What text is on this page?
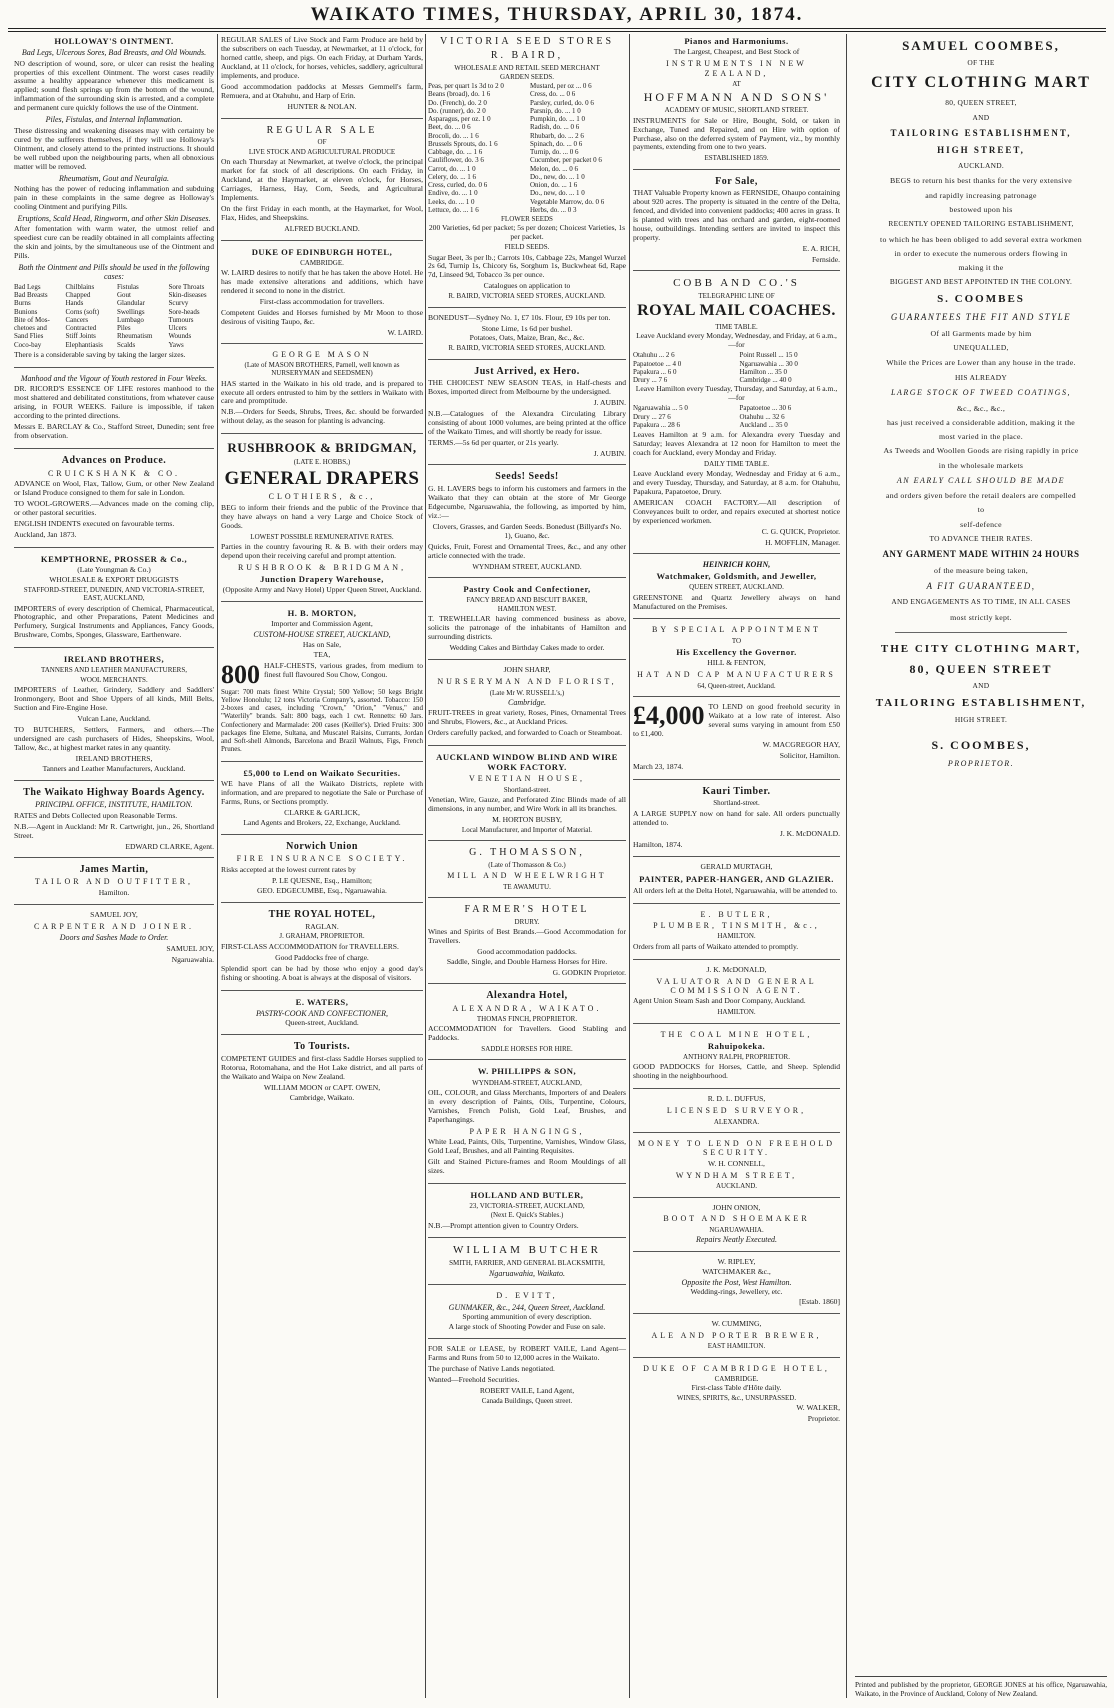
WAIKATO TIMES, THURSDAY, APRIL 30, 1874.
HOLLOWAY'S OINTMENT.
Bad Legs, Ulcerous Sores, Bad Breasts, and Old Wounds.
NO description of wound, sore, or ulcer can resist the healing properties of this excellent Ointment. The worst cases readily assume a healthy appearance whenever this medicament is applied; sound flesh springs up from the bottom of the wound, inflammation of the surrounding skin is arrested, and a complete and permanent cure quickly follows the use of the Ointment.
Piles, Fistulas, and Internal Inflammation.
These distressing and weakening diseases may with certainty be cured by the sufferers themselves, if they will use Holloway's Ointment, and closely attend to the printed instructions. It should be well rubbed upon the neighbouring parts, when all obnoxious matter will be removed.
Rheumatism, Gout and Neuralgia.
Nothing has the power of reducing inflammation and subduing pain in these complaints in the same degree as Holloway's cooling Ointment and purifying Pills.
Eruptions, Scald Head, Ringworm, and other Skin Diseases.
After fomentation with warm water, the utmost relief and speediest cure can be readily obtained in all complaints affecting the skin and joints, by the simultaneous use of the Ointment and Pills.
Both the Ointment and Pills should be used in the following cases:
Bad Legs	Chilblains	Fistulas	Sore Throats
Bad Breasts	Chapped	Gout	Skin-diseases
Burns	Hands	Glandular	Scurvy
Bunions	Corns (soft)	Swellings	Sore-heads
Bite of Mos-	Cancers	Lumbago	Tumours
chetoes and	Contracted	Piles	Ulcers
Sand Flies	Stiff Joints	Rheumatism	Wounds
Coco-bay	Elephantiasis	Scalds	Yaws
There is a considerable saving by taking the larger sizes.
Manhood and the Vigour of Youth restored in Four Weeks.
DR. RICORD'S ESSENCE OF LIFE restores manhood to the most shattered and debilitated constitutions, from whatever cause arising, in FOUR WEEKS. Failure is impossible, if taken according to the printed directions.
Messrs E. BARCLAY & Co., Stafford Street, Dunedin; sent free from observation.
Advances on Produce.
CRUICKSHANK & CO.
ADVANCE on Wool, Flax, Tallow, Gum, or other New Zealand or Island Produce consigned to them for sale in London.
TO WOOL-GROWERS.—Advances made on the coming clip, or other pastoral securities.
ENGLISH INDENTS executed on favourable terms.
Auckland, Jan 1873.
KEMPTHORNE, PROSSER & Co.,
(Late Youngman & Co.)
WHOLESALE & EXPORT DRUGGISTS
STAFFORD-STREET, DUNEDIN, AND VICTORIA-STREET, EAST, AUCKLAND,
IMPORTERS of every description of Chemical, Pharmaceutical, Photographic, and other Preparations, Patent Medicines and Perfumery, Surgical Instruments and Appliances, Fancy Goods, Brushware, Combs, Sponges, Glassware, Earthenware.
IRELAND BROTHERS,
TANNERS AND LEATHER MANUFACTURERS,
WOOL MERCHANTS.
IMPORTERS of Leather, Grindery, Saddlery and Saddlers' Ironmongery, Boot and Shoe Uppers of all kinds, Mill Belts, Suction and Fire-Engine Hose.
Vulcan Lane, Auckland.
TO BUTCHERS, Settlers, Farmers, and others.—The undersigned are cash purchasers of Hides, Sheepskins, Wool, Tallow, &c., at highest market rates in any quantity.
IRELAND BROTHERS,
Tanners and Leather Manufacturers, Auckland.
The Waikato Highway Boards Agency.
PRINCIPAL OFFICE, INSTITUTE, HAMILTON.
RATES and Debts Collected upon Reasonable Terms.
N.B.—Agent in Auckland: Mr R. Cartwright, jun., 26, Shortland Street.
EDWARD CLARKE, Agent.
James Martin,
TAILOR AND OUTFITTER,
Hamilton.
SAMUEL JOY,
CARPENTER AND JOINER.
Doors and Sashes Made to Order.
SAMUEL JOY,
Ngaruawahia.
REGULAR SALES of Live Stock and Farm Produce are held by the subscribers on each Tuesday, at Newmarket, at 11 o'clock, for horned cattle, sheep, and pigs. On each Friday, at Durham Yards, Auckland, at 11 o'clock, for horses, vehicles, saddlery, agricultural implements, and produce.
Good accommodation paddocks at Messrs Gemmell's farm, Remuera, and at Otahuhu, and Harp of Erin.
HUNTER & NOLAN.
REGULAR SALE
OF
LIVE STOCK AND AGRICULTURAL PRODUCE
On each Thursday at Newmarket, at twelve o'clock, the principal market for fat stock of all descriptions. On each Friday, in Auckland, at the Haymarket, at eleven o'clock, for Horses, Carriages, Harness, Hay, Corn, Seeds, and Agricultural Implements.
On the first Friday in each month, at the Haymarket, for Wool, Flax, Hides, and Sheepskins.
ALFRED BUCKLAND.
DUKE OF EDINBURGH HOTEL,
CAMBRIDGE.
W. LAIRD desires to notify that he has taken the above Hotel. He has made extensive alterations and additions, which have rendered it second to none in the district.
First-class accommodation for travellers.
Competent Guides and Horses furnished by Mr Moon to those desirous of visiting Taupo, &c.
W. LAIRD.
GEORGE MASON
(Late of MASON BROTHERS, Parnell, well known as NURSERYMAN and SEEDSMEN)
HAS started in the Waikato in his old trade, and is prepared to execute all orders entrusted to him by the settlers in Waikato with care and promptitude.
N.B.—Orders for Seeds, Shrubs, Trees, &c. should be forwarded without delay, as the season for planting is advancing.
RUSHBROOK & BRIDGMAN,
(LATE E. HOBBS,)
GENERAL DRAPERS
CLOTHIERS, &c.,
BEG to inform their friends and the public of the Province that they have always on hand a very Large and Choice Stock of Goods.
LOWEST POSSIBLE REMUNERATIVE RATES.
Parties in the country favouring R. & B. with their orders may depend upon their receiving careful and prompt attention.
RUSHBROOK & BRIDGMAN,
Junction Drapery Warehouse,
(Opposite Army and Navy Hotel) Upper Queen Street, Auckland.
H. B. MORTON,
Importer and Commission Agent,
CUSTOM-HOUSE STREET, AUCKLAND,
Has on Sale,
TEA,
800 HALF-CHESTS, various grades, from medium to finest full flavoured Sou Chow, Congou.
Sugar: 700 mats finest White Crystal; 500 Yellow; 50 kegs Bright Yellow Honolulu; 12 tons Victoria Company's, assorted. Tobacco: 150 2-boxes and cases, including "Crown," "Orion," "Venus," and "Waterlily" brands. Salt: 800 bags, each 1 cwt. Rennetts: 60 Jars. Confectionery and Marmalade: 200 cases (Keiller's). Dried Fruits: 300 packages fine Eleme, Sultana, and Muscatel Raisins, Currants, Jordan and Soft-shell Almonds, Barcelona and Brazil Walnuts, Figs, French Prunes.
£5,000 to Lend on Waikato Securities.
WE have Plans of all the Waikato Districts, replete with information, and are prepared to negotiate the Sale or Purchase of Farms, Runs, or Sections promptly.
CLARKE & GARLICK,
Land Agents and Brokers, 22, Exchange, Auckland.
Norwich Union
FIRE INSURANCE SOCIETY.
Risks accepted at the lowest current rates by
P. LE QUESNE, Esq., Hamilton;
GEO. EDGECUMBE, Esq., Ngaruawahia.
THE ROYAL HOTEL,
RAGLAN.
J. GRAHAM, PROPRIETOR.
FIRST-CLASS ACCOMMODATION for TRAVELLERS.
Good Paddocks free of charge.
Splendid sport can be had by those who enjoy a good day's fishing or shooting. A boat is always at the disposal of visitors.
E. WATERS,
PASTRY-COOK AND CONFECTIONER,
Queen-street, Auckland.
To Tourists.
COMPETENT GUIDES and first-class Saddle Horses supplied to Rotorua, Rotomahana, and the Hot Lake district, and all parts of the Waikato and Waipa on New Zealand.
WILLIAM MOON or CAPT. OWEN,
Cambridge, Waikato.
VICTORIA SEED STORES
R. BAIRD,
WHOLESALE AND RETAIL SEED MERCHANT
GARDEN SEEDS.
Peas, per quart 1s 3d to 2 0	Mustard, per oz ... 0 6
Beans (broad), do. 1 6	Cress, do. ... 0 6
Do. (French), do. 2 0	Parsley, curled, do. 0 6
Do. (runner), do. 2 0	Parsnip, do. ... 1 0
Asparagus, per oz. 1 0	Pumpkin, do. ... 1 0
Beet, do. ... 0 6	Radish, do. ... 0 6
Brocoli, do. ... 1 6	Rhubarb, do. ... 2 6
Brussels Sprouts, do. 1 6	Spinach, do. ... 0 6
Cabbage, do. ... 1 6	Turnip, do. ... 0 6
Cauliflower, do. 3 6	Cucumber, per packet 0 6
Carrot, do. ... 1 0	Melon, do. ... 0 6
Celery, do. ... 1 6	Do., new, do. ... 1 0
Cress, curled, do. 0 6	Onion, do. ... 1 6
Endive, do. ... 1 0	Do., new, do. ... 1 0
Leeks, do. ... 1 0	Vegetable Marrow, do. 0 6
Lettuce, do. ... 1 6	Herbs, do. ... 0 3
FLOWER SEEDS
200 Varieties, 6d per packet; 5s per dozen; Choicest Varieties, 1s per packet.
FIELD SEEDS.
Sugar Beet, 3s per lb.; Carrots 10s, Cabbage 22s, Mangel Wurzel 2s 6d, Turnip 1s, Chicory 6s, Sorghum 1s, Buckwheat 6d, Rape 7d, Linseed 9d, Tobacco 3s per ounce.
Catalogues on application to
R. BAIRD, VICTORIA SEED STORES, AUCKLAND.
BONEDUST—Sydney No. 1, £7 10s. Flour, £9 10s per ton.
Stone Lime, 1s 6d per bushel.
Potatoes, Oats, Maize, Bran, &c., &c.
R. BAIRD, VICTORIA SEED STORES, AUCKLAND.
Just Arrived, ex Hero.
THE CHOICEST NEW SEASON TEAS, in Half-chests and Boxes, imported direct from Melbourne by the undersigned.
J. AUBIN.
N.B.—Catalogues of the Alexandra Circulating Library consisting of about 1000 volumes, are being printed at the office of the Waikato Times, and will shortly be ready for issue.
TERMS.—5s 6d per quarter, or 21s yearly.
J. AUBIN.
Seeds! Seeds!
G. H. LAVERS begs to inform his customers and farmers in the Waikato that they can obtain at the store of Mr George Edgecumbe, Ngaruawahia, the following, as imported by him, viz.:—
Clovers, Grasses, and Garden Seeds. Bonedust (Billyard's No. 1), Guano, &c.
Quicks, Fruit, Forest and Ornamental Trees, &c., and any other article connected with the trade.
WYNDHAM STREET, AUCKLAND.
Pastry Cook and Confectioner,
FANCY BREAD AND BISCUIT BAKER,
HAMILTON WEST.
T. TREWHELLAR having commenced business as above, solicits the patronage of the inhabitants of Hamilton and surrounding districts.
Wedding Cakes and Birthday Cakes made to order.
JOHN SHARP,
NURSERYMAN AND FLORIST,
(Late Mr W. RUSSELL's,)
Cambridge.
FRUIT-TREES in great variety, Roses, Pines, Ornamental Trees and Shrubs, Flowers, &c., at Auckland Prices.
Orders carefully packed, and forwarded to Coach or Steamboat.
AUCKLAND WINDOW BLIND AND WIRE WORK FACTORY.
VENETIAN HOUSE,
Shortland-street.
Venetian, Wire, Gauze, and Perforated Zinc Blinds made of all dimensions, in any number, and Wire Work in all its branches.
M. HORTON BUSBY,
Local Manufacturer, and Importer of Material.
G. THOMASSON,
(Late of Thomasson & Co.)
MILL AND WHEELWRIGHT
TE AWAMUTU.
FARMER'S HOTEL
DRURY.
Wines and Spirits of Best Brands.—Good Accommodation for Travellers.
Good accommodation paddocks.
Saddle, Single, and Double Harness Horses for Hire.
G. GODKIN Proprietor.
Alexandra Hotel,
ALEXANDRA, WAIKATO.
THOMAS FINCH, PROPRIETOR.
ACCOMMODATION for Travellers. Good Stabling and Paddocks.
SADDLE HORSES FOR HIRE.
W. PHILLIPPS & SON,
WYNDHAM-STREET, AUCKLAND,
OIL, COLOUR, and Glass Merchants, Importers of and Dealers in every description of Paints, Oils, Turpentine, Colours, Varnishes, French Polish, Gold Leaf, Brushes, and Paperhangings.
PAPER HANGINGS,
White Lead, Paints, Oils, Turpentine, Varnishes, Window Glass, Gold Leaf, Brushes, and all Painting Requisites.
Gilt and Stained Picture-frames and Room Mouldings of all sizes.
HOLLAND AND BUTLER,
23, VICTORIA-STREET, AUCKLAND,
(Next E. Quick's Stables.)
N.B.—Prompt attention given to Country Orders.
WILLIAM BUTCHER
SMITH, FARRIER, AND GENERAL BLACKSMITH,
Ngaruawahia, Waikato.
D. EVITT,
GUNMAKER, &c., 244, Queen Street, Auckland.
Sporting ammunition of every description.
A large stock of Shooting Powder and Fuse on sale.
FOR SALE or LEASE, by ROBERT VAILE, Land Agent—Farms and Runs from 50 to 12,000 acres in the Waikato.
The purchase of Native Lands negotiated.
Wanted—Freehold Securities.
ROBERT VAILE, Land Agent,
Canada Buildings, Queen street.
Pianos and Harmoniums.
The Largest, Cheapest, and Best Stock of
INSTRUMENTS IN NEW ZEALAND,
AT
HOFFMANN AND SONS'
ACADEMY OF MUSIC, SHORTLAND STREET.
INSTRUMENTS for Sale or Hire, Bought, Sold, or taken in Exchange, Tuned and Repaired, and on Hire with option of Purchase, also on the deferred system of Payment, viz., by monthly payments, extending from one to two years.
ESTABLISHED 1859.
For Sale,
THAT Valuable Property known as FERNSIDE, Ohaupo containing about 920 acres. The property is situated in the centre of the Delta, fenced, and divided into convenient paddocks; 400 acres in grass. It is planted with trees and has orchard and garden, eight-roomed house, outbuildings. Intending settlers are invited to inspect this property.
E. A. RICH,
Fernside.
COBB AND CO.'S
TELEGRAPHIC LINE OF
ROYAL MAIL COACHES.
TIME TABLE.
Leave Auckland every Monday, Wednesday, and Friday, at 6 a.m.,—for
Otahuhu ... 2 6	Point Russell ... 15 0
Papatoetoe ... 4 0	Ngaruawahia ... 30 0
Papakura ... 6 0	Hamilton ... 35 0
Drury ... 7 6	Cambridge ... 40 0
Leave Hamilton every Tuesday, Thursday, and Saturday, at 6 a.m.,—for
Ngaruawahia ... 5 0	Papatoetoe ... 30 6
Drury ... 27 6	Otahuhu ... 32 6
Papakura ... 28 6	Auckland ... 35 0
Leaves Hamilton at 9 a.m. for Alexandra every Tuesday and Saturday; leaves Alexandra at 12 noon for Hamilton to meet the coach for Auckland, every Monday and Friday.
DAILY TIME TABLE.
Leave Auckland every Monday, Wednesday and Friday at 6 a.m., and every Tuesday, Thursday, and Saturday, at 8 a.m. for Otahuhu, Papakura, Papatoetoe, Drury.
AMERICAN COACH FACTORY.—All description of Conveyances built to order, and repairs executed at shortest notice by experienced workmen.
C. G. QUICK, Proprietor.
H. MOFFLIN, Manager.
HEINRICH KOHN,
Watchmaker, Goldsmith, and Jeweller,
QUEEN STREET, AUCKLAND.
GREENSTONE and Quartz Jewellery always on hand Manufactured on the Premises.
BY SPECIAL APPOINTMENT
TO
His Excellency the Governor.
HILL & FENTON,
HAT AND CAP MANUFACTURERS
64, Queen-street, Auckland.
£4,000 TO LEND on good freehold security in Waikato at a low rate of interest. Also several sums varying in amount from £50 to £1,400.
W. MACGREGOR HAY,
Solicitor, Hamilton.
March 23, 1874.
Kauri Timber.
Shortland-street.
A LARGE SUPPLY now on hand for sale. All orders punctually attended to.
J. K. McDONALD.
Hamilton, 1874.
GERALD MURTAGH,
PAINTER, PAPER-HANGER, AND GLAZIER.
All orders left at the Delta Hotel, Ngaruawahia, will be attended to.
E. BUTLER,
PLUMBER, TINSMITH, &c.,
HAMILTON.
Orders from all parts of Waikato attended to promptly.
J. K. McDONALD,
VALUATOR AND GENERAL COMMISSION AGENT.
Agent Union Steam Sash and Door Company, Auckland.
HAMILTON.
THE COAL MINE HOTEL,
Rahuipokeka.
ANTHONY RALPH, PROPRIETOR.
GOOD PADDOCKS for Horses, Cattle, and Sheep. Splendid shooting in the neighbourhood.
R. D. L. DUFFUS,
LICENSED SURVEYOR,
ALEXANDRA.
MONEY TO LEND ON FREEHOLD SECURITY.
W. H. CONNELL,
WYNDHAM STREET,
AUCKLAND.
JOHN ONION,
BOOT AND SHOEMAKER
NGARUAWAHIA.
Repairs Neatly Executed.
W. RIPLEY,
WATCHMAKER &c.,
Opposite the Post, West Hamilton.
Wedding-rings, Jewellery, etc.
[Estab. 1860]
W. CUMMING,
ALE AND PORTER BREWER,
EAST HAMILTON.
DUKE OF CAMBRIDGE HOTEL,
CAMBRIDGE.
First-class Table d'Hôte daily.
WINES, SPIRITS, &c., UNSURPASSED.
W. WALKER,
Proprietor.
SAMUEL COOMBES,
OF THE
CITY CLOTHING MART
80, QUEEN STREET,
AND
TAILORING ESTABLISHMENT,
HIGH STREET,
AUCKLAND.
BEGS to return his best thanks for the very extensive
and rapidly increasing patronage
bestowed upon his
RECENTLY OPENED TAILORING ESTABLISHMENT,
to which he has been obliged to add several extra workmen
in order to execute the numerous orders flowing in
making it the
BIGGEST AND BEST APPOINTED IN THE COLONY.
S. COOMBES
GUARANTEES THE FIT AND STYLE
Of all Garments made by him
UNEQUALLED,
While the Prices are Lower than any house in the trade.
HIS ALREADY
LARGE STOCK OF TWEED COATINGS,
&c., &c., &c.,
has just received a considerable addition, making it the
most varied in the place.
As Tweeds and Woollen Goods are rising rapidly in price
in the wholesale markets
AN EARLY CALL SHOULD BE MADE
and orders given before the retail dealers are compelled
to
self-defence
TO ADVANCE THEIR RATES.
ANY GARMENT MADE WITHIN 24 HOURS
of the measure being taken,
A FIT GUARANTEED,
AND ENGAGEMENTS AS TO TIME, IN ALL CASES
most strictly kept.
THE CITY CLOTHING MART,
80, QUEEN STREET
AND
TAILORING ESTABLISHMENT,
HIGH STREET.
S. COOMBES,
PROPRIETOR.
Printed and published by the proprietor, GEORGE JONES at his office, Ngaruawahia, Waikato, in the Province of Auckland, Colony of New Zealand.
